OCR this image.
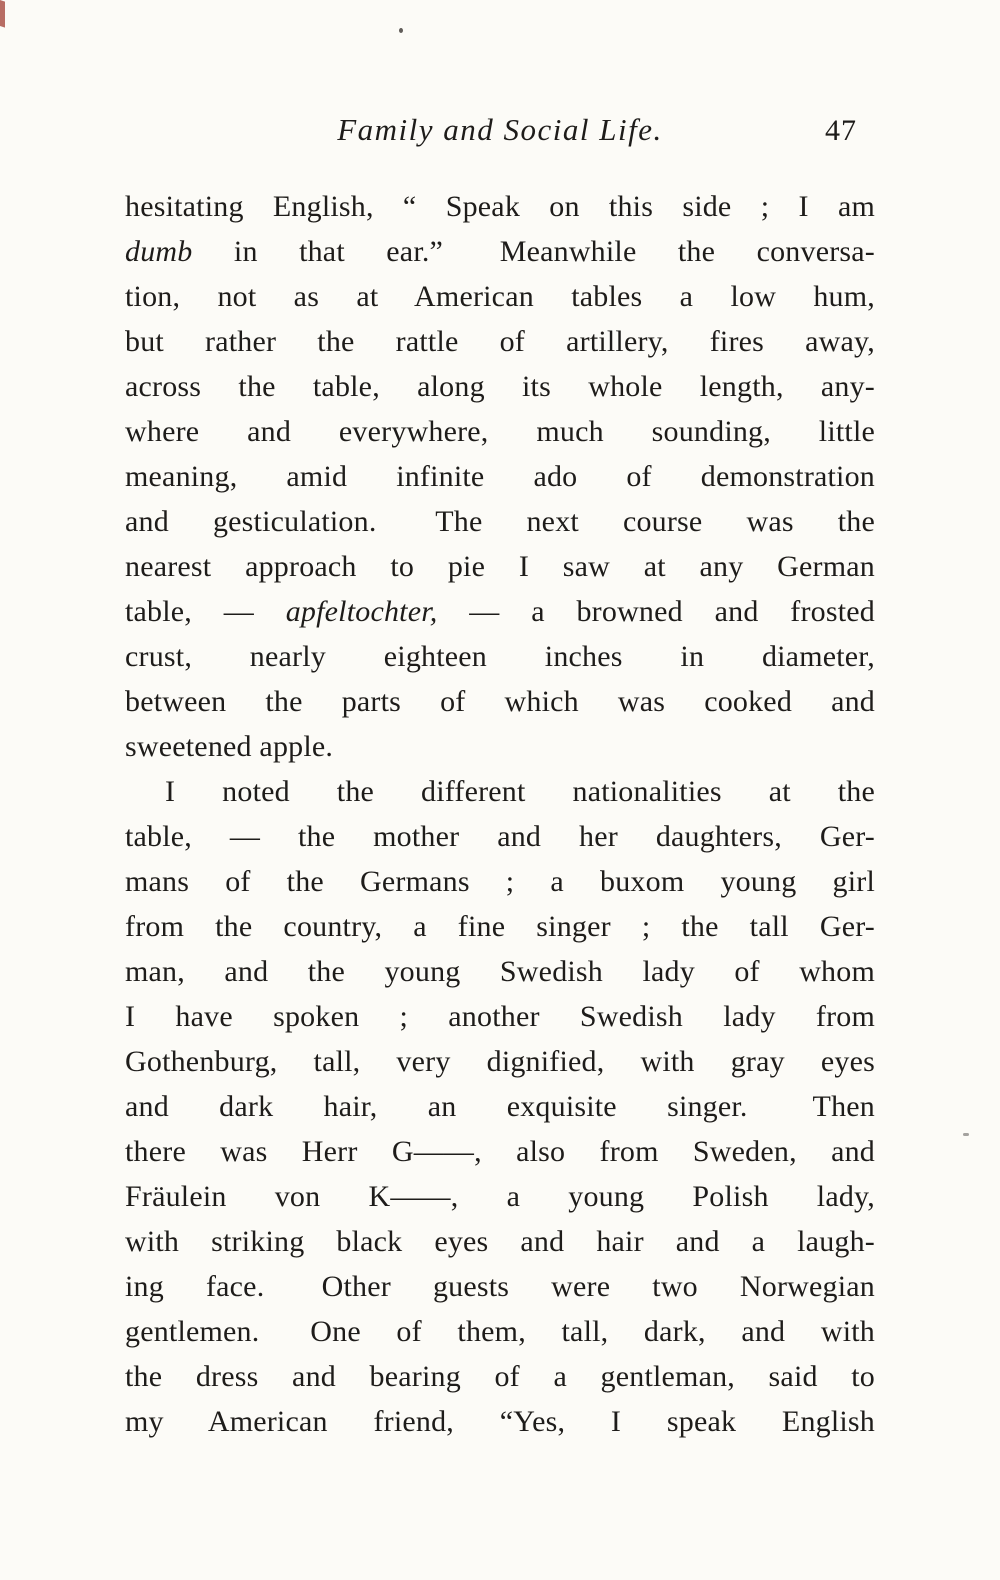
Family and Social Life.	47
hesitating English, “ Speak on this side ; I am
dumb in that ear.”  Meanwhile the conversa-
tion, not as at American tables a low hum,
but rather the rattle of artillery, fires away,
across the table, along its whole length, any-
where and everywhere, much sounding, little
meaning, amid infinite ado of demonstration
and gesticulation.  The next course was the
nearest approach to pie I saw at any German
table, — apfeltochter, — a browned and frosted
crust, nearly eighteen inches in diameter,
between the parts of which was cooked and
sweetened apple.
I noted the different nationalities at the
table, — the mother and her daughters, Ger-
mans of the Germans ; a buxom young girl
from the country, a fine singer ; the tall Ger-
man, and the young Swedish lady of whom
I have spoken ; another Swedish lady from
Gothenburg, tall, very dignified, with gray eyes
and dark hair, an exquisite singer.  Then
there was Herr G——, also from Sweden, and
Fräulein von K——, a young Polish lady,
with striking black eyes and hair and a laugh-
ing face.  Other guests were two Norwegian
gentlemen.  One of them, tall, dark, and with
the dress and bearing of a gentleman, said to
my American friend, “Yes, I speak English
